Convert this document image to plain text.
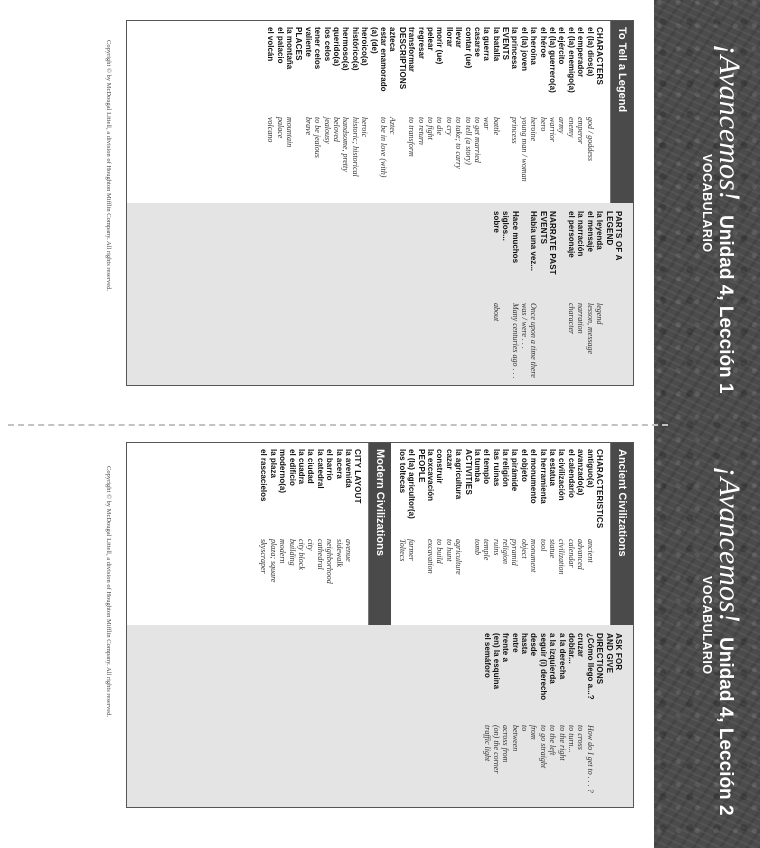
¡Avancemos! Unidad 4, Lección 1
VOCABULARIO
¡Avancemos! Unidad 4, Lección 2
VOCABULARIO
To Tell a Legend
CHARACTERS
el (la) dios(a)
god / goddess
el emperador
emperor
el (la) enemigo(a)
enemy
el ejército
army
el (la) guerrero(a)
warrior
el héroe
hero
la heroína
heroine
el (la) joven
young man / woman
la princesa
princess
EVENTS
la batalla
battle
la guerra
war
casarse
to get married
contar (ue)
to tell (a story)
llevar
to take; to carry
llorar
to cry
morir (ue)
to die
pelear
to fight
regresar
to return
transformar
to transform
DESCRIPTIONS
azteca
Aztec
estar enamorado
to be in love (with)
(a) (de)
heroico(a)
heroic
histórico(a)
historic; historical
hermoso(a)
handsome, pretty
querido(a)
beloved
los celos
jealousy
tener celos
to be jealous
valiente
brave
PLACES
la montaña
mountain
el palacio
palace
el volcán
volcano
PARTS OF A
LEGEND
la leyenda
legend
el mensaje
lesson, message
la narración
narration
el personaje
character
NARRATE PAST
EVENTS
Había una vez...
Once upon a time there
was / were . . .
Hace muchos
Many centuries ago . . .
siglos...
sobre
about
Copyright © by McDougal Littell, a division of Houghton Mifflin Company. All rights reserved.
Ancient Civilizations
CHARACTERISTICS
antiguo(a)
ancient
avanzado(a)
advanced
el calendario
calendar
la civilización
civilization
la estatua
statue
la herramienta
tool
el monumento
monument
el objeto
object
la pirámide
pyramid
la religión
religion
las ruinas
ruins
el templo
temple
la tumba
tomb
ACTIVITIES
la agricultura
agriculture
cazar
to hunt
construir
to build
la excavación
excavation
PEOPLE
el (la) agricultor(a)
farmer
los toltecas
Toltecs
Modern Civilizations
CITY LAYOUT
la avenida
avenue
la acera
sidewalk
el barrio
neighborhood
la catedral
cathedral
la ciudad
city
la cuadra
city block
el edificio
building
moderno(a)
modern
la plaza
plaza; square
el rascacielos
skyscraper
ASK FOR
AND GIVE
DIRECTIONS
¿Cómo llego a...?
How do I get to . . . ?
cruzar
to cross
doblar...
to turn...
a la derecha
to the right
a la izquierda
to the left
seguir (i) derecho
to go straight
desde
from
hasta
to
entre
between
frente a
across from
(en) la esquina
(on) the corner
el semáforo
traffic light
Copyright © by McDougal Littell, a division of Houghton Mifflin Company. All rights reserved.
